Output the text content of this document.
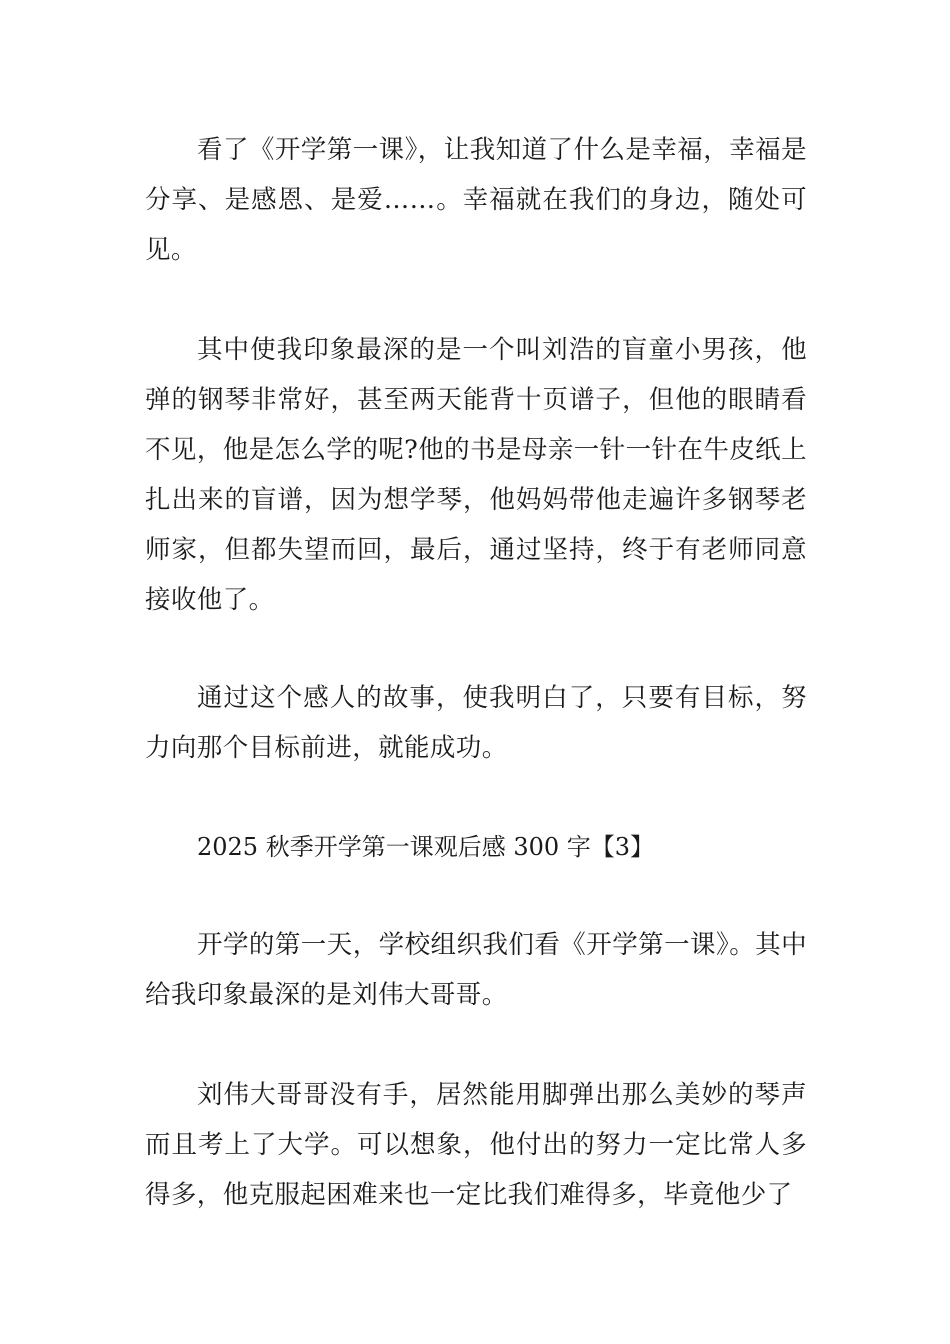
看了《开学第一课》，让我知道了什么是幸福，幸福是分享、是感恩、是爱……。幸福就在我们的身边，随处可见。

其中使我印象最深的是一个叫刘浩的盲童小男孩，他弹的钢琴非常好，甚至两天能背十页谱子，但他的眼睛看不见，他是怎么学的呢?他的书是母亲一针一针在牛皮纸上扎出来的盲谱，因为想学琴，他妈妈带他走遍许多钢琴老师家，但都失望而回，最后，通过坚持，终于有老师同意接收他了。

通过这个感人的故事，使我明白了，只要有目标，努力向那个目标前进，就能成功。

2025 秋季开学第一课观后感 300 字【3】

开学的第一天，学校组织我们看《开学第一课》。其中给我印象最深的是刘伟大哥哥。

刘伟大哥哥没有手，居然能用脚弹出那么美妙的琴声而且考上了大学。可以想象，他付出的努力一定比常人多得多，他克服起困难来也一定比我们难得多，毕竟他少了
